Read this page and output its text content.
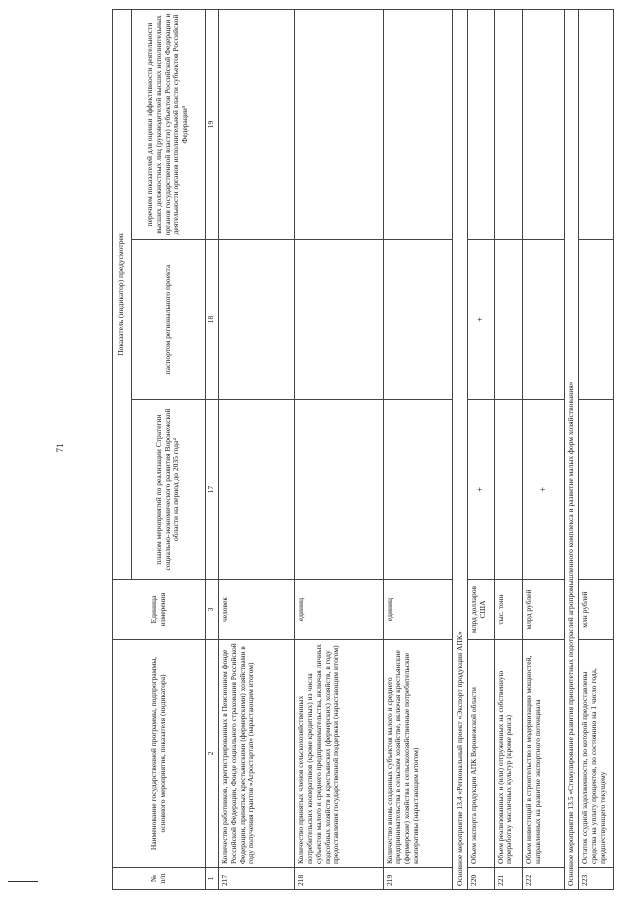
71
№ п/п	Наименование государственной программы, подпрограммы, основного мероприятия, показателя (индикатора)	Единица измерения	Показатель (индикатор) предусмотрен		
			планом мероприятий по реализации Стратегии социально-экономического развития Воронежской области на период до 2035 года⁴	паспортом регионального проекта	перечнем показателей для оценки эффективности деятельности высших должностных лиц (руководителей высших исполнительных органов государственной власти) субъектов Российской Федерации и деятельности органов исполнительной власти субъектов Российской Федерации⁵
1	2	3	17	18	19
217	Количество работников, зарегистрированных в Пенсионном фонде Российской Федерации, Фонде социального страхования Российской Федерации, принятых крестьянскими (фермерскими) хозяйствами в году получения грантов «Агростартап» (нарастающим итогом)	человек			
218	Количество принятых членов сельскохозяйственных потребительских кооперативов (кроме кредитных) из числа субъектов малого и среднего предпринимательства, включая личных подсобных хозяйств и крестьянских (фермерских) хозяйств, в году предоставления государственной поддержки (нарастающим итогом)	единиц			
219	Количество вновь созданных субъектов малого и среднего предпринимательства в сельском хозяйстве, включая крестьянские (фермерские) хозяйства и сельскохозяйственные потребительские кооперативы (нарастающим итогом)	единиц			
Основное мероприятие 13.4 «Региональный проект «Экспорт продукции АПК»					
220	Объем экспорта продукции АПК Воронежской области	млрд долларов США	+	+	
221	Объем реализованных и (или) отгруженных на собственную переработку масличных культур (кроме рапса)	тыс. тонн			
222	Объем инвестиций в строительство и модернизацию мощностей, направленных на развитие экспортного потенциала	млрд рублей	+		
Основное мероприятие 13.5 «Стимулирование развития приоритетных подотраслей агропромышленного комплекса и развитие малых форм хозяйствования»					
223	Остаток ссудной задолженности, по которой предоставлены средства на уплату процентов, по состоянию на 1 число года, предшествующего текущему	млн рублей			
